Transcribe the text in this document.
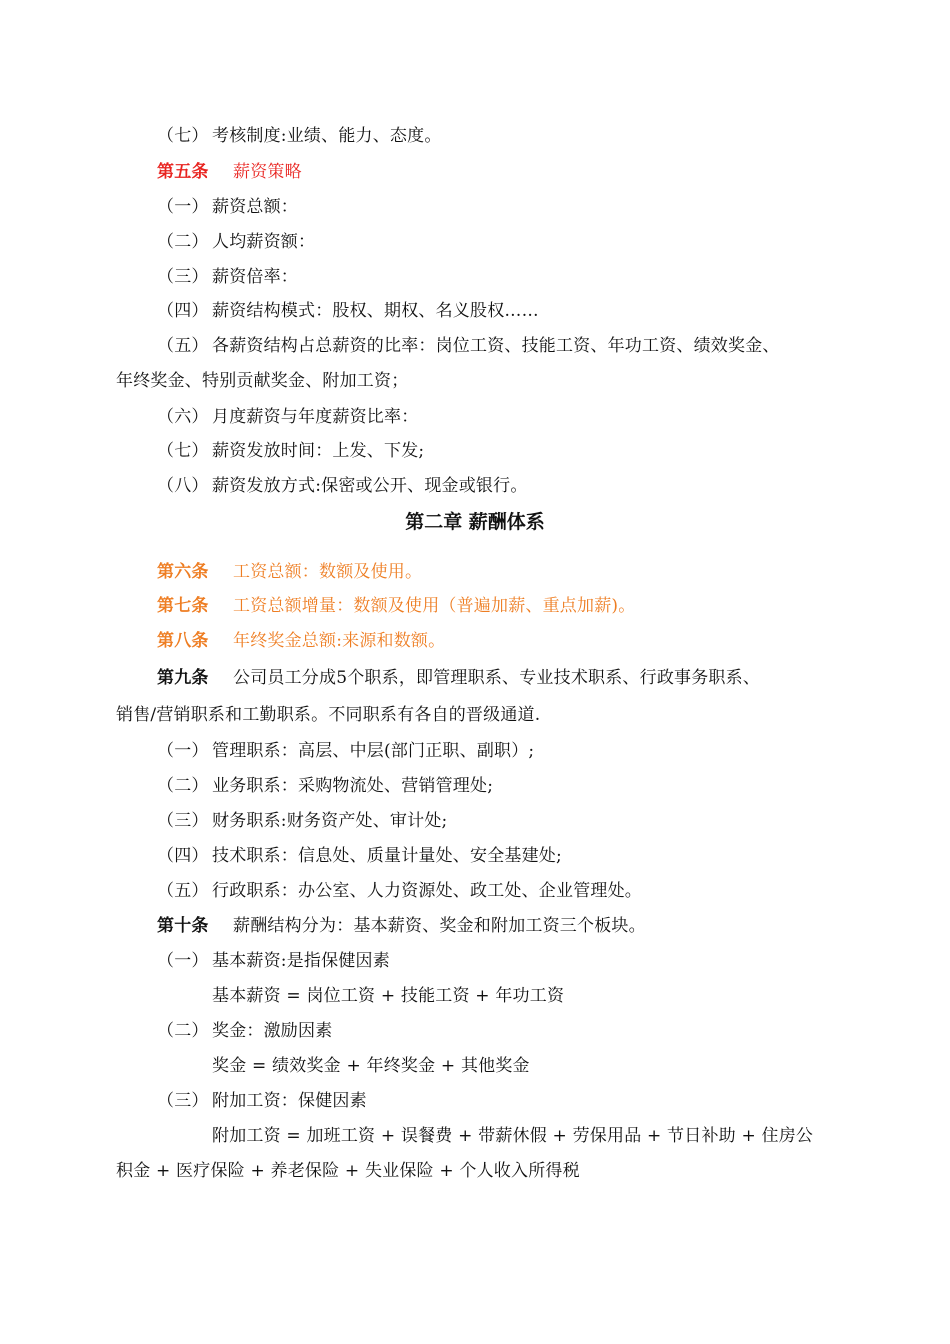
（七） 考核制度:业绩、能力、态度。
第五条 薪资策略
（一） 薪资总额：
（二） 人均薪资额：
（三） 薪资倍率：
（四） 薪资结构模式：股权、期权、名义股权……
（五） 各薪资结构占总薪资的比率：岗位工资、技能工资、年功工资、绩效奖金、
年终奖金、特别贡献奖金、附加工资；
（六） 月度薪资与年度薪资比率：
（七） 薪资发放时间：上发、下发;
（八） 薪资发放方式:保密或公开、现金或银行。
第二章 薪酬体系
第六条 工资总额：数额及使用。
第七条 工资总额增量：数额及使用（普遍加薪、重点加薪)。
第八条 年终奖金总额:来源和数额。
第九条 公司员工分成5个职系，即管理职系、专业技术职系、行政事务职系、
销售/营销职系和工勤职系。不同职系有各自的晋级通道.
（一） 管理职系：高层、中层(部门正职、副职）;
（二） 业务职系：采购物流处、营销管理处;
（三） 财务职系:财务资产处、审计处;
（四） 技术职系：信息处、质量计量处、安全基建处;
（五） 行政职系：办公室、人力资源处、政工处、企业管理处。
第十条 薪酬结构分为：基本薪资、奖金和附加工资三个板块。
（一） 基本薪资:是指保健因素
基本薪资 = 岗位工资 + 技能工资 + 年功工资
（二） 奖金：激励因素
奖金 = 绩效奖金 + 年终奖金 + 其他奖金
（三） 附加工资：保健因素
附加工资 = 加班工资 + 误餐费 + 带薪休假 + 劳保用品 + 节日补助 + 住房公
积金 + 医疗保险 + 养老保险 + 失业保险 + 个人收入所得税
